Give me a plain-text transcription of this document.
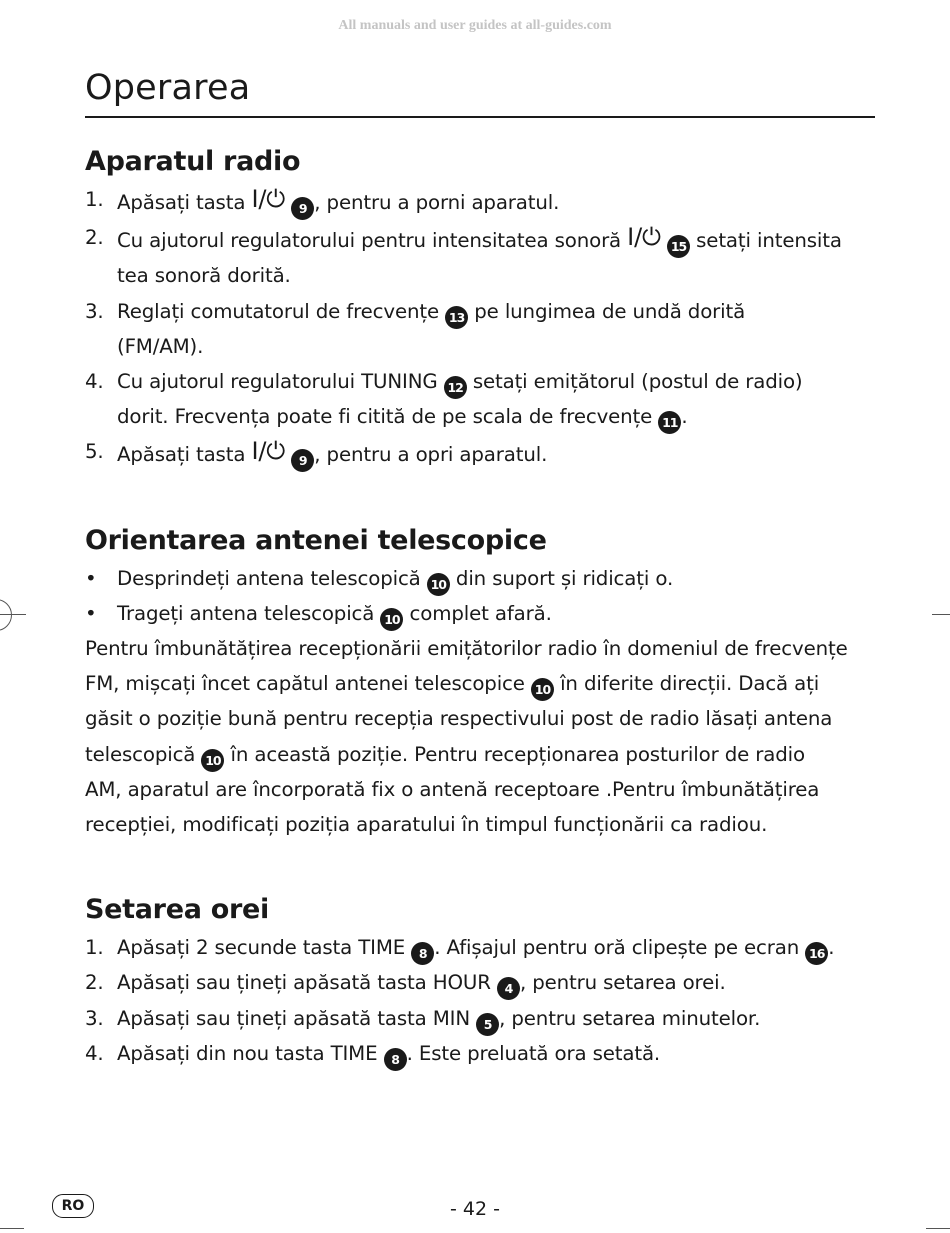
All manuals and user guides at all-guides.com
Operarea
Aparatul radio
1. Apăsați tasta I/⏻ 9 , pentru a porni aparatul.
2. Cu ajutorul regulatorului pentru intensitatea sonoră I/⏻ 15 setați intensita
tea sonoră dorită.
3. Reglați comutatorul de frecvențe 13 pe lungimea de undă dorită
(FM/AM).
4. Cu ajutorul regulatorului TUNING 12 setați emițătorul (postul de radio)
dorit. Frecvența poate fi citită de pe scala de frecvențe 11 .
5. Apăsați tasta I/⏻ 9 , pentru a opri aparatul.
Orientarea antenei telescopice
• Desprindeți antena telescopică 10 din suport și ridicați o.
• Trageți antena telescopică 10 complet afară.
Pentru îmbunătățirea recepționării emițătorilor radio în domeniul de frecvențe
FM, mișcați încet capătul antenei telescopice 10 în diferite direcții. Dacă ați
găsit o poziție bună pentru recepția respectivului post de radio lăsați antena
telescopică 10 în această poziție. Pentru recepționarea posturilor de radio
AM, aparatul are încorporată fix o antenă receptoare .Pentru îmbunătățirea
recepției, modificați poziția aparatului în timpul funcționării ca radiou.
Setarea orei
1. Apăsați 2 secunde tasta TIME 8 . Afișajul pentru oră clipește pe ecran 16 .
2. Apăsați sau țineți apăsată tasta HOUR 4 , pentru setarea orei.
3. Apăsați sau țineți apăsată tasta MIN 5 , pentru setarea minutelor.
4. Apăsați din nou tasta TIME 8 . Este preluată ora setată.
RO	- 42 -
